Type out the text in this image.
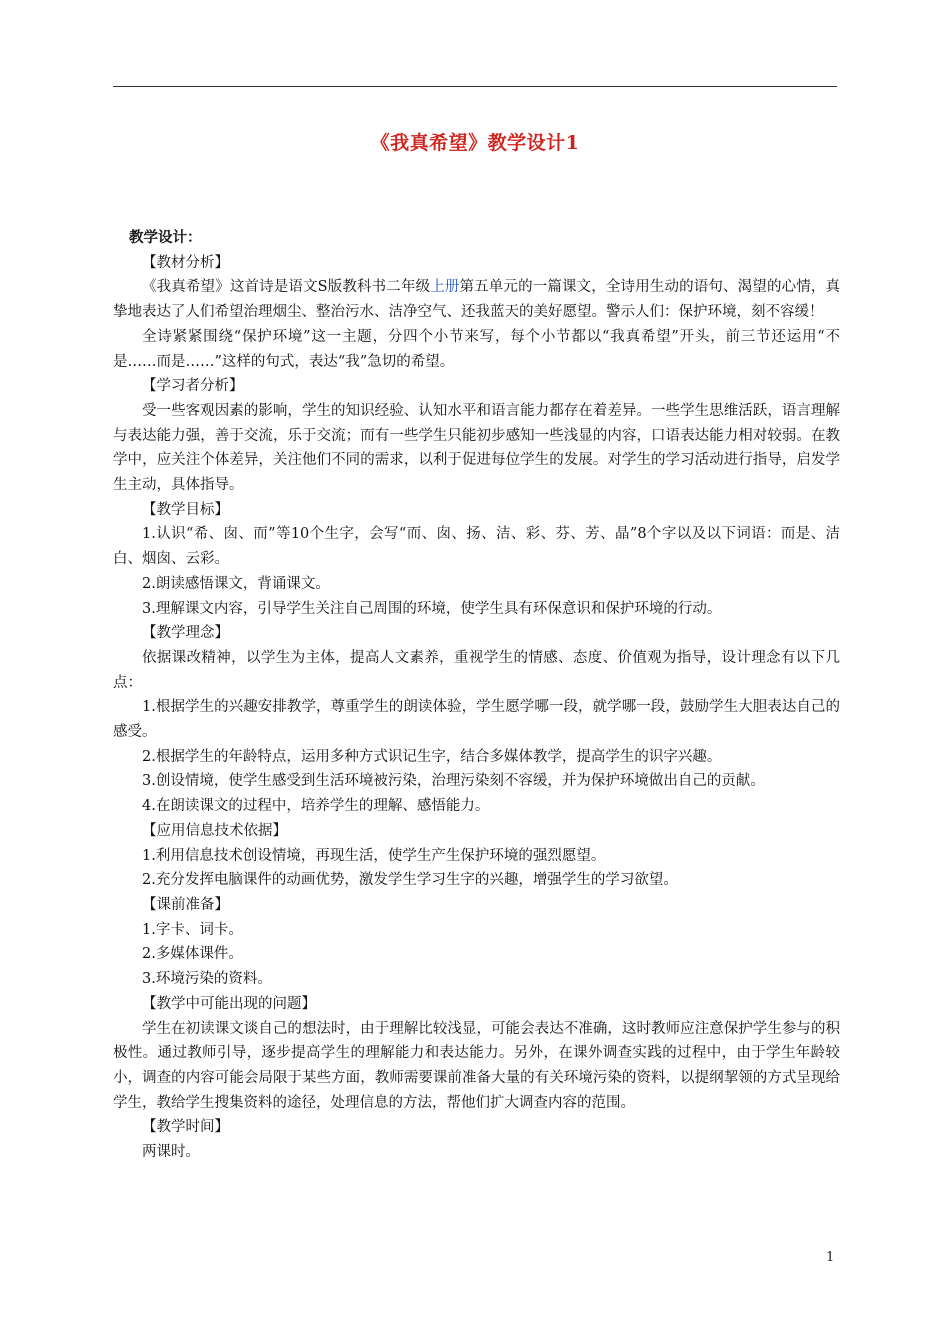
《我真希望》教学设计1

教学设计：

【教材分析】

《我真希望》这首诗是语文S版教科书二年级上册第五单元的一篇课文，全诗用生动的语句、渴望的心情，真挚地表达了人们希望治理烟尘、整治污水、洁净空气、还我蓝天的美好愿望。警示人们：保护环境，刻不容缓！

全诗紧紧围绕“保护环境”这一主题，分四个小节来写，每个小节都以“我真希望”开头，前三节还运用“不是……而是……”这样的句式，表达“我”急切的希望。

【学习者分析】

受一些客观因素的影响，学生的知识经验、认知水平和语言能力都存在着差异。一些学生思维活跃，语言理解与表达能力强，善于交流，乐于交流；而有一些学生只能初步感知一些浅显的内容，口语表达能力相对较弱。在教学中，应关注个体差异，关注他们不同的需求，以利于促进每位学生的发展。对学生的学习活动进行指导，启发学生主动，具体指导。

【教学目标】

1.认识“希、囱、而”等10个生字，会写“而、囱、扬、洁、彩、芬、芳、晶”8个字以及以下词语：而是、洁白、烟囱、云彩。

2.朗读感悟课文，背诵课文。

3.理解课文内容，引导学生关注自己周围的环境，使学生具有环保意识和保护环境的行动。

【教学理念】

依据课改精神，以学生为主体，提高人文素养，重视学生的情感、态度、价值观为指导，设计理念有以下几点：

1.根据学生的兴趣安排教学，尊重学生的朗读体验，学生愿学哪一段，就学哪一段，鼓励学生大胆表达自己的感受。

2.根据学生的年龄特点，运用多种方式识记生字，结合多媒体教学，提高学生的识字兴趣。

3.创设情境，使学生感受到生活环境被污染，治理污染刻不容缓，并为保护环境做出自己的贡献。

4.在朗读课文的过程中，培养学生的理解、感悟能力。

【应用信息技术依据】

1.利用信息技术创设情境，再现生活，使学生产生保护环境的强烈愿望。

2.充分发挥电脑课件的动画优势，激发学生学习生字的兴趣，增强学生的学习欲望。

【课前准备】

1.字卡、词卡。

2.多媒体课件。

3.环境污染的资料。

【教学中可能出现的问题】

学生在初读课文谈自己的想法时，由于理解比较浅显，可能会表达不准确，这时教师应注意保护学生参与的积极性。通过教师引导，逐步提高学生的理解能力和表达能力。另外，在课外调查实践的过程中，由于学生年龄较小，调查的内容可能会局限于某些方面，教师需要课前准备大量的有关环境污染的资料，以提纲挈领的方式呈现给学生，教给学生搜集资料的途径，处理信息的方法，帮他们扩大调查内容的范围。

【教学时间】

两课时。

1
